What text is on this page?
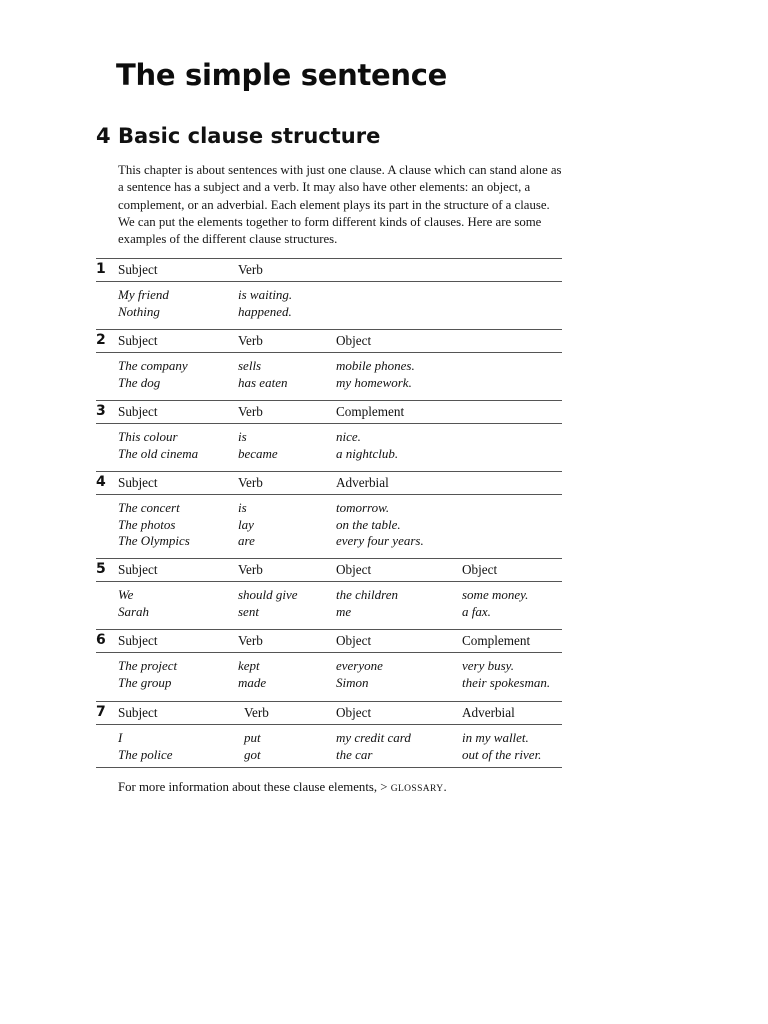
The simple sentence
4 Basic clause structure

This chapter is about sentences with just one clause. A clause which can stand alone as a sentence has a subject and a verb. It may also have other elements: an object, a complement, or an adverbial. Each element plays its part in the structure of a clause. We can put the elements together to form different kinds of clauses. Here are some examples of the different clause structures.

1 Subject	Verb
My friend	is waiting.
Nothing	happened.
2 Subject	Verb	Object
The company	sells	mobile phones.
The dog	has eaten	my homework.
3 Subject	Verb	Complement
This colour	is	nice.
The old cinema	became	a nightclub.
4 Subject	Verb	Adverbial
The concert	is	tomorrow.
The photos	lay	on the table.
The Olympics	are	every four years.
5 Subject	Verb	Object	Object
We	should give	the children	some money.
Sarah	sent	me	a fax.
6 Subject	Verb	Object	Complement
The project	kept	everyone	very busy.
The group	made	Simon	their spokesman.
7 Subject	Verb	Object	Adverbial
I	put	my credit card	in my wallet.
The police	got	the car	out of the river.

For more information about these clause elements, > GLOSSARY.
